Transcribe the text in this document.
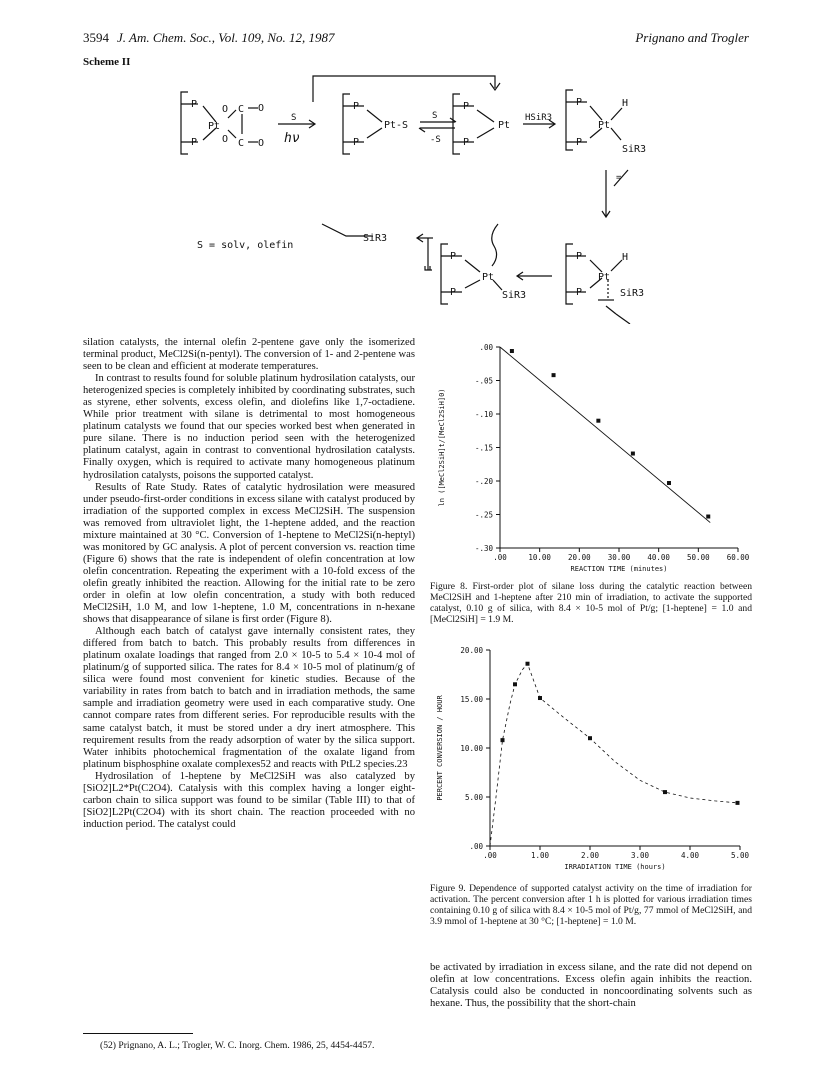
3594 J. Am. Chem. Soc., Vol. 109, No. 12, 1987	Prignano and Trogler
Scheme II
P
P
Pt
O
O
C
C
O
O
S
hν
P
P
Pt-S
S
-S
P
P
Pt
HSiR3
P
P
Pt
H
SiR3
=
P
P
Pt
H
SiR3
P
P
Pt
SiR3
SiR3
S = solv, olefin

silation catalysts, the internal olefin 2-pentene gave only the isomerized terminal product, MeCl2Si(n-pentyl). The conversion of 1- and 2-pentene was seen to be clean and efficient at moderate temperatures.

In contrast to results found for soluble platinum hydrosilation catalysts, our heterogenized species is completely inhibited by coordinating substrates, such as styrene, ether solvents, excess olefin, and diolefins like 1,7-octadiene. While prior treatment with silane is detrimental to most homogeneous platinum catalysts we found that our species worked best when generated in pure silane. There is no induction period seen with the heterogenized platinum catalyst, again in contrast to conventional hydrosilation catalysts. Finally oxygen, which is required to activate many homogeneous platinum hydrosilation catalysts, poisons the supported catalyst.

Results of Rate Study. Rates of catalytic hydrosilation were measured under pseudo-first-order conditions in excess silane with catalyst produced by irradiation of the supported complex in excess MeCl2SiH. The suspension was removed from ultraviolet light, the 1-heptene added, and the reaction mixture maintained at 30 °C. Conversion of 1-heptene to MeCl2Si(n-heptyl) was monitored by GC analysis. A plot of percent conversion vs. reaction time (Figure 6) shows that the rate is independent of olefin concentration at low olefin concentration. Repeating the experiment with a 10-fold excess of the olefin greatly inhibited the reaction. Allowing for the initial rate to be zero order in olefin at low olefin concentration, a study with both reduced MeCl2SiH, 1.0 M, and low 1-heptene, 1.0 M, concentrations in n-hexane shows that disappearance of silane is first order (Figure 8).

Although each batch of catalyst gave internally consistent rates, they differed from batch to batch. This probably results from differences in platinum oxalate loadings that ranged from 2.0 × 10-5 to 5.4 × 10-4 mol of platinum/g of supported silica. The rates for 8.4 × 10-5 mol of platinum/g of silica were found most convenient for kinetic studies. Because of the variability in rates from batch to batch and in irradiation methods, the same sample and irradiation geometry were used in each comparative study. One cannot compare rates from different series. For reproducible results with the same catalyst batch, it must be stored under a dry inert atmosphere. This requirement results from the ready adsorption of water by the silica support. Water inhibits photochemical fragmentation of the oxalate ligand from platinum bisphosphine oxalate complexes52 and reacts with PtL2 species.23

Hydrosilation of 1-heptene by MeCl2SiH was also catalyzed by [SiO2]L2*Pt(C2O4). Catalysis with this complex having a longer eight-carbon chain to silica support was found to be similar (Table III) to that of [SiO2]L2Pt(C2O4) with its short chain. The reaction proceeded with no induction period. The catalyst could

(52) Prignano, A. L.; Trogler, W. C. Inorg. Chem. 1986, 25, 4454-4457.
.00	10.00 20.00 30.00 40.00 50.00 60.00
.00
-.05
-.10
-.15
-.20
-.25
-.30
REACTION TIME (minutes)
ln ([MeCl2SiH]t/[MeCl2SiH]0)
Figure 8. First-order plot of silane loss during the catalytic reaction between MeCl2SiH and 1-heptene after 210 min of irradiation, to activate the supported catalyst, 0.10 g of silica, with 8.4 × 10-5 mol of Pt/g; [1-heptene] = 1.0 and [MeCl2SiH] = 1.9 M.
.00	1.00	2.00	3.00	4.00	5.00
.00
5.00
10.00
15.00
20.00
IRRADIATION TIME (hours)
PERCENT CONVERSION / HOUR
Figure 9. Dependence of supported catalyst activity on the time of irradiation for activation. The percent conversion after 1 h is plotted for various irradiation times containing 0.10 g of silica with 8.4 × 10-5 mol of Pt/g, 77 mmol of MeCl2SiH, and 3.9 mmol of 1-heptene at 30 °C; [1-heptene] = 1.0 M.

be activated by irradiation in excess silane, and the rate did not depend on olefin at low concentrations. Excess olefin again inhibits the reaction. Catalysis could also be conducted in noncoordinating solvents such as hexane. Thus, the possibility that the short-chain
